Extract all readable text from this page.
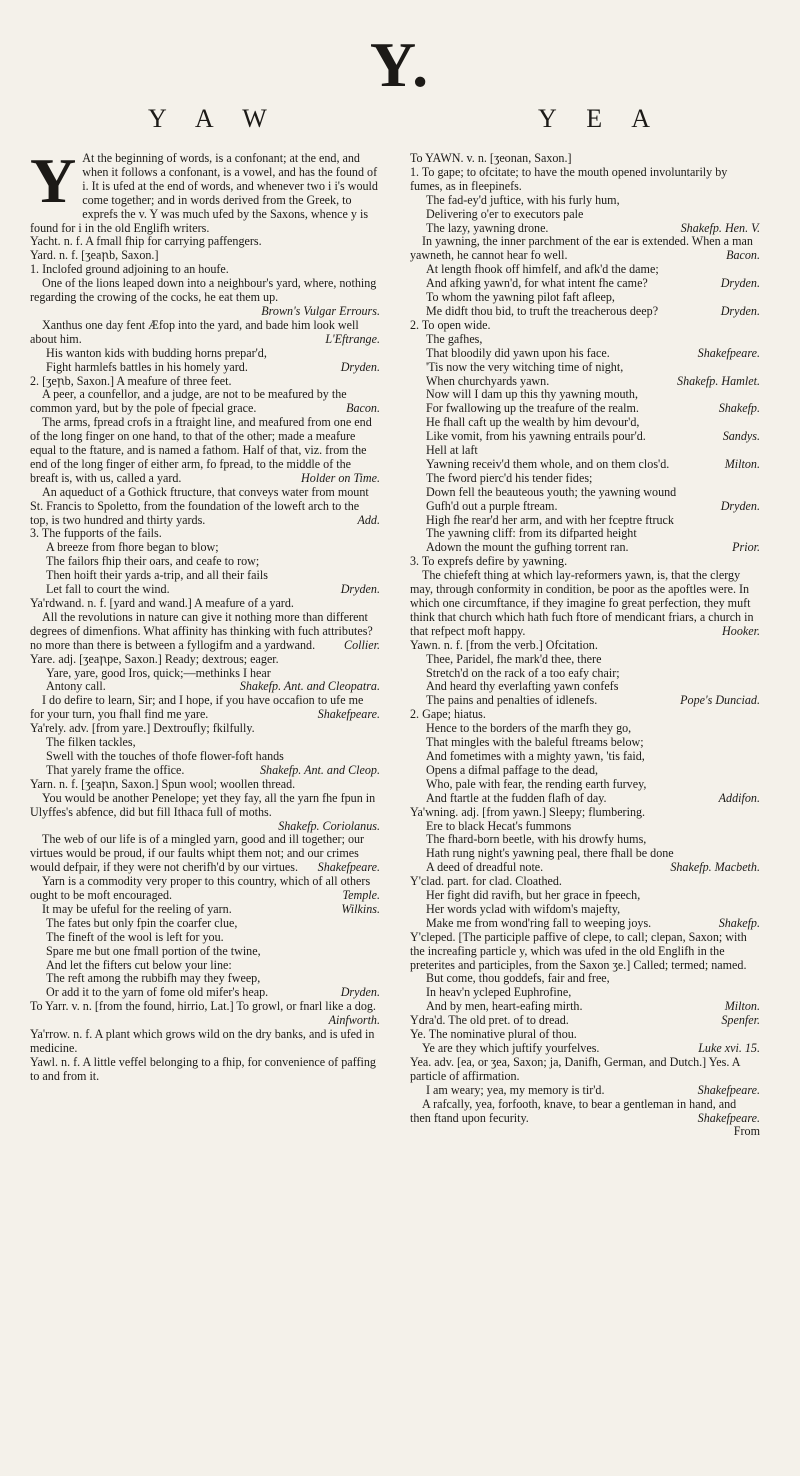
Y.
Y A W	Y E A
Y At the beginning of words, is a confonant; at the end, and when it follows a confonant, is a vowel, and has the found of i. It is ufed at the end of words, and whenever two i i's would come together; and in words derived from the Greek, to exprefs the v. Y was much ufed by the Saxons, whence y is found for i in the old Englifh writers.
Yacht. n. f. A fmall fhip for carrying paffengers.
Yard. n. f. [ʒeaꞃb, Saxon.]
1. Inclofed ground adjoining to an houfe.
One of the lions leaped down into a neighbour's yard, where, nothing regarding the crowing of the cocks, he eat them up.
Brown's Vulgar Errours.
Xanthus one day fent Æfop into the yard, and bade him look well about him.	L'Eftrange.
His wanton kids with budding horns prepar'd,
Fight harmlefs battles in his homely yard.	Dryden.
2. [ʒeꞃb, Saxon.] A meafure of three feet.
A peer, a counfellor, and a judge, are not to be meafured by the common yard, but by the pole of fpecial grace.	Bacon.
The arms, fpread crofs in a ftraight line, and meafured from one end of the long finger on one hand, to that of the other; made a meafure equal to the ftature, and is named a fathom. Half of that, viz. from the end of the long finger of either arm, fo fpread, to the middle of the breaft is, with us, called a yard.	Holder on Time.
An aqueduct of a Gothick ftructure, that conveys water from mount St. Francis to Spoletto, from the foundation of the loweft arch to the top, is two hundred and thirty yards.	Add.
3. The fupports of the fails.
A breeze from fhore began to blow;
The failors fhip their oars, and ceafe to row;
Then hoift their yards a-trip, and all their fails
Let fall to court the wind.	Dryden.
Ya'rdwand. n. f. [yard and wand.] A meafure of a yard.
All the revolutions in nature can give it nothing more than different degrees of dimenfions. What affinity has thinking with fuch attributes? no more than there is between a fyllogifm and a yardwand.	Collier.
Yare. adj. [ʒeaꞃpe, Saxon.] Ready; dextrous; eager.
Yare, yare, good Iros, quick;—methinks I hear
Antony call.	Shakefp. Ant. and Cleopatra.
I do defire to learn, Sir; and I hope, if you have occafion to ufe me for your turn, you fhall find me yare.	Shakefpeare.
Ya'rely. adv. [from yare.] Dextroufly; fkilfully.
The filken tackles,
Swell with the touches of thofe flower-foft hands
That yarely frame the office.	Shakefp. Ant. and Cleop.
Yarn. n. f. [ʒeaꞃn, Saxon.] Spun wool; woollen thread.
You would be another Penelope; yet they fay, all the yarn fhe fpun in Ulyffes's abfence, did but fill Ithaca full of moths.
Shakefp. Coriolanus.
The web of our life is of a mingled yarn, good and ill together; our virtues would be proud, if our faults whipt them not; and our crimes would defpair, if they were not cherifh'd by our virtues.	Shakefpeare.
Yarn is a commodity very proper to this country, which of all others ought to be moft encouraged.	Temple.
It may be ufeful for the reeling of yarn.	Wilkins.
The fates but only fpin the coarfer clue,
The fineft of the wool is left for you.
Spare me but one fmall portion of the twine,
And let the fifters cut below your line:
The reft among the rubbifh may they fweep,
Or add it to the yarn of fome old mifer's heap.	Dryden.
To Yarr. v. n. [from the found, hirrio, Lat.] To growl, or fnarl like a dog.
Ainfworth.
Ya'rrow. n. f. A plant which grows wild on the dry banks, and is ufed in medicine.
Yawl. n. f. A little veffel belonging to a fhip, for convenience of paffing to and from it.
To YAWN. v. n. [ʒeonan, Saxon.]
1. To gape; to ofcitate; to have the mouth opened involuntarily by fumes, as in fleepinefs.
The fad-ey'd juftice, with his furly hum,
Delivering o'er to executors pale
The lazy, yawning drone.	Shakefp. Hen. V.
In yawning, the inner parchment of the ear is extended. When a man yawneth, he cannot hear fo well.	Bacon.
At length fhook off himfelf, and afk'd the dame;
And afking yawn'd, for what intent fhe came?	Dryden.
To whom the yawning pilot faft afleep,
Me didft thou bid, to truft the treacherous deep?	Dryden.
2. To open wide.
The gafhes,
That bloodily did yawn upon his face.	Shakefpeare.
'Tis now the very witching time of night,
When churchyards yawn.	Shakefp. Hamlet.
Now will I dam up this thy yawning mouth,
For fwallowing up the treafure of the realm.	Shakefp.
He fhall caft up the wealth by him devour'd,
Like vomit, from his yawning entrails pour'd.	Sandys.
Hell at laft
Yawning receiv'd them whole, and on them clos'd.	Milton.
The fword pierc'd his tender fides;
Down fell the beauteous youth; the yawning wound
Gufh'd out a purple ftream.	Dryden.
High fhe rear'd her arm, and with her fceptre ftruck
The yawning cliff: from its difparted height
Adown the mount the gufhing torrent ran.	Prior.
3. To exprefs defire by yawning.
The chiefeft thing at which lay-reformers yawn, is, that the clergy may, through conformity in condition, be poor as the apoftles were. In which one circumftance, if they imagine fo great perfection, they muft think that church which hath fuch ftore of mendicant friars, a church in that refpect moft happy.	Hooker.
Yawn. n. f. [from the verb.] Ofcitation.
Thee, Paridel, fhe mark'd thee, there
Stretch'd on the rack of a too eafy chair;
And heard thy everlafting yawn confefs
The pains and penalties of idlenefs.	Pope's Dunciad.
2. Gape; hiatus.
Hence to the borders of the marfh they go,
That mingles with the baleful ftreams below;
And fometimes with a mighty yawn, 'tis faid,
Opens a difmal paffage to the dead,
Who, pale with fear, the rending earth furvey,
And ftartle at the fudden flafh of day.	Addifon.
Ya'wning. adj. [from yawn.] Sleepy; flumbering.
Ere to black Hecat's fummons
The fhard-born beetle, with his drowfy hums,
Hath rung night's yawning peal, there fhall be done
A deed of dreadful note.	Shakefp. Macbeth.
Y'clad. part. for clad. Cloathed.
Her fight did ravifh, but her grace in fpeech,
Her words yclad with wifdom's majefty,
Make me from wond'ring fall to weeping joys.	Shakefp.
Y'cleped. [The participle paffive of clepe, to call; clepan, Saxon; with the increafing particle y, which was ufed in the old Englifh in the preterites and participles, from the Saxon ʒe.] Called; termed; named.
But come, thou goddefs, fair and free,
In heav'n ycleped Euphrofine,
And by men, heart-eafing mirth.	Milton.
Ydra'd. The old pret. of to dread.	Spenfer.
Ye. The nominative plural of thou.
Ye are they which juftify yourfelves.	Luke xvi. 15.
Yea. adv. [ea, or ʒea, Saxon; ja, Danifh, German, and Dutch.] Yes. A particle of affirmation.
I am weary; yea, my memory is tir'd.	Shakefpeare.
A rafcally, yea, forfooth, knave, to bear a gentleman in hand, and then ftand upon fecurity.	Shakefpeare.
From
